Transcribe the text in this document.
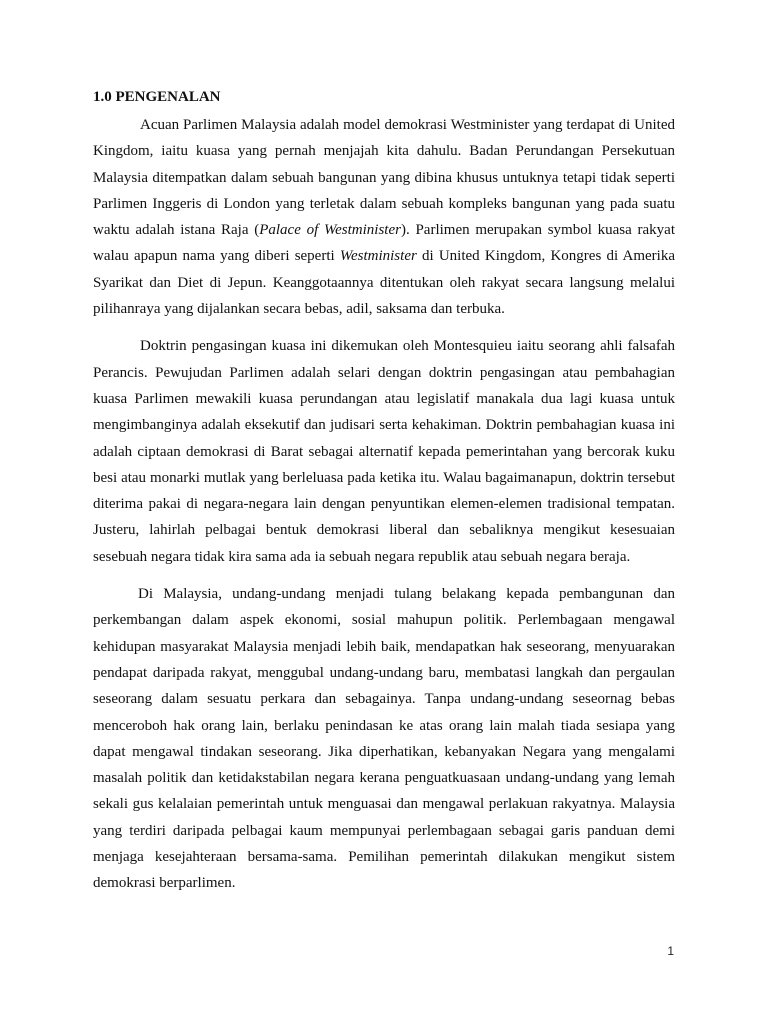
1.0 PENGENALAN

Acuan Parlimen Malaysia adalah model demokrasi Westminister yang terdapat di United Kingdom, iaitu kuasa yang pernah menjajah kita dahulu. Badan Perundangan Persekutuan Malaysia ditempatkan dalam sebuah bangunan yang dibina khusus untuknya tetapi tidak seperti Parlimen Inggeris di London yang terletak dalam sebuah kompleks bangunan yang pada suatu waktu adalah istana Raja (Palace of Westminister). Parlimen merupakan symbol kuasa rakyat walau apapun nama yang diberi seperti Westminister di United Kingdom, Kongres di Amerika Syarikat dan Diet di Jepun. Keanggotaannya ditentukan oleh rakyat secara langsung melalui pilihanraya yang dijalankan secara bebas, adil, saksama dan terbuka.

Doktrin pengasingan kuasa ini dikemukan oleh Montesquieu iaitu seorang ahli falsafah Perancis. Pewujudan Parlimen adalah selari dengan doktrin pengasingan atau pembahagian kuasa Parlimen mewakili kuasa perundangan atau legislatif manakala dua lagi kuasa untuk mengimbanginya adalah eksekutif dan judisari serta kehakiman. Doktrin pembahagian kuasa ini adalah ciptaan demokrasi di Barat sebagai alternatif kepada pemerintahan yang bercorak kuku besi atau monarki mutlak yang berleluasa pada ketika itu. Walau bagaimanapun, doktrin tersebut diterima pakai di negara-negara lain dengan penyuntikan elemen-elemen tradisional tempatan. Justeru, lahirlah pelbagai bentuk demokrasi liberal dan sebaliknya mengikut kesesuaian sesebuah negara tidak kira sama ada ia sebuah negara republik atau sebuah negara beraja.

Di Malaysia, undang-undang menjadi tulang belakang kepada pembangunan dan perkembangan dalam aspek ekonomi, sosial mahupun politik. Perlembagaan mengawal kehidupan masyarakat Malaysia menjadi lebih baik, mendapatkan hak seseorang, menyuarakan pendapat daripada rakyat, menggubal undang-undang baru, membatasi langkah dan pergaulan seseorang dalam sesuatu perkara dan sebagainya. Tanpa undang-undang seseornag bebas menceroboh hak orang lain, berlaku penindasan ke atas orang lain malah tiada sesiapa yang dapat mengawal tindakan seseorang. Jika diperhatikan, kebanyakan Negara yang mengalami masalah politik dan ketidakstabilan negara kerana penguatkuasaan undang-undang yang lemah sekali gus kelalaian pemerintah untuk menguasai dan mengawal perlakuan rakyatnya. Malaysia yang terdiri daripada pelbagai kaum mempunyai perlembagaan sebagai garis panduan demi menjaga kesejahteraan bersama-sama. Pemilihan pemerintah dilakukan mengikut sistem demokrasi berparlimen.

1
